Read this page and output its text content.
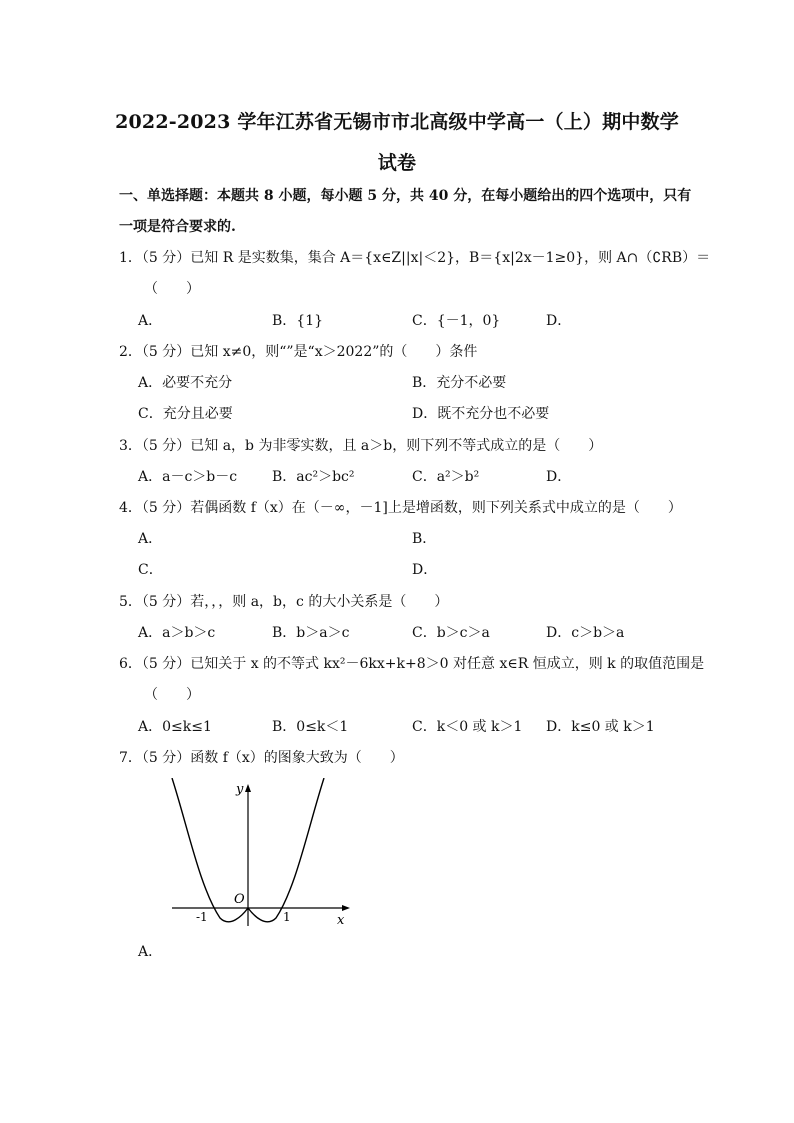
2022-2023 学年江苏省无锡市市北高级中学高一（上）期中数学
试卷
一、单选择题：本题共 8 小题，每小题 5 分，共 40 分，在每小题给出的四个选项中，只有
一项是符合要求的.
1．（5 分）已知 R 是实数集，集合 A＝{x∈Z||x|＜2}，B＝{x|2x－1≥0}，则 A∩（∁RB）＝
（　　）
A．	B．{1}	C．{－1，0}	D．
2．（5 分）已知 x≠0，则“”是“x＞2022”的（　　）条件
A．必要不充分	B．充分不必要
C．充分且必要	D．既不充分也不必要
3．（5 分）已知 a，b 为非零实数，且 a＞b，则下列不等式成立的是（　　）
A．a－c＞b－c B．ac²＞bc²	C．a²＞b²	D．
4．（5 分）若偶函数 f（x）在（－∞，－1]上是增函数，则下列关系式中成立的是（　　）
A．	B．
C．	D．
5．（5 分）若，，，则 a，b，c 的大小关系是（　　）
A．a＞b＞c	B．b＞a＞c	C．b＞c＞a	D．c＞b＞a
6．（5 分）已知关于 x 的不等式 kx²－6kx+k+8＞0 对任意 x∈R 恒成立，则 k 的取值范围是
（　　）
A．0≤k≤1	B．0≤k＜1	C．k＜0 或 k＞1 D．k≤0 或 k＞1
7．（5 分）函数 f（x）的图象大致为（　　）
y
x
O
-1	1
A．
